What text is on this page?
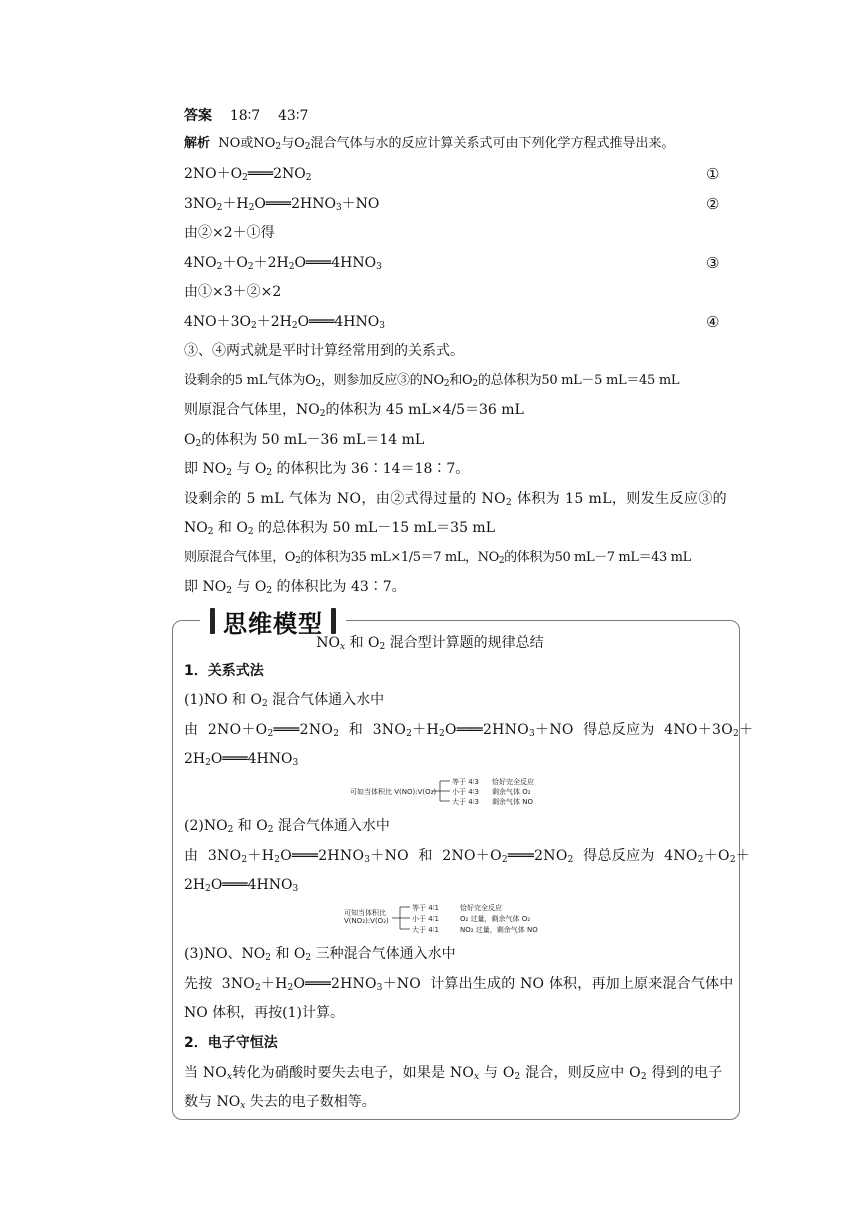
答案 18∶7 43∶7
解析 NO或$NO_2$与$O_2$混合气体与水的反应计算关系式可由下列化学方程式推导出来。
$2NO+O_2═══2NO_2$	①
$3NO_2+H_2O═══2HNO_3+NO$	②
由②×2＋①得
$4NO_2+O_2+2H_2O═══4HNO_3$	③
由①×3＋②×2
$4NO+3O_2+2H_2O═══4HNO_3$	④
③、④两式就是平时计算经常用到的关系式。
设剩余的5 mL气体为$O_2$，则参加反应③的$NO_2$和$O_2$的总体积为50 mL－5 mL＝45 mL
则原混合气体里，$NO_2$的体积为 45 mL×4/5＝36 mL
$O_2$的体积为 50 mL－36 mL＝14 mL
即 $NO_2$ 与 $O_2$ 的体积比为 36∶14＝18∶7。
设剩余的 5 mL 气体为 NO，由②式得过量的 $NO_2$ 体积为 15 mL，则发生反应③的
$NO_2$ 和 $O_2$ 的总体积为 50 mL－15 mL＝35 mL
则原混合气体里，$O_2$的体积为35 mL×1/5＝7 mL，$NO_2$的体积为50 mL－7 mL＝43 mL
即 $NO_2$ 与 $O_2$ 的体积比为 43∶7。
思维模型
$NO_x$ 和 $O_2$ 混合型计算题的规律总结
1．关系式法
(1)NO 和 $O_2$ 混合气体通入水中
由  $2NO+O_2═══2NO_2$ 和  $3NO_2+H_2O═══2HNO_3+NO$  得总反应为  $4NO+3O_2+$
$2H_2O═══4HNO_3$
可如当体积比 V(NO):V(O₂)
等于 4∶3 恰好完全反应
小于 4∶3 剩余气体 O₂
大于 4∶3 剩余气体 NO
$(2)NO_2$ 和 $O_2$ 混合气体通入水中
由  $3NO_2+H_2O═══2HNO_3+NO$  和  $2NO+O_2═══2NO_2$ 得总反应为  $4NO_2+O_2+$
$2H_2O═══4HNO_3$
可知当体积比
V(NO₂):V(O₂)
等于 4∶1	恰好完全反应
小于 4∶1	O₂ 过量，剩余气体 O₂
大于 4∶1	NO₂ 过量，剩余气体 NO
(3)NO、$NO_2$ 和 $O_2$ 三种混合气体通入水中
先按  $3NO_2+H_2O═══2HNO_3+NO$  计算出生成的 NO 体积，再加上原来混合气体中
NO 体积，再按(1)计算。
2．电子守恒法
当 $NO_x$转化为硝酸时要失去电子，如果是 $NO_x$ 与 $O_2$ 混合，则反应中 $O_2$ 得到的电子
数与 $NO_x$ 失去的电子数相等。
